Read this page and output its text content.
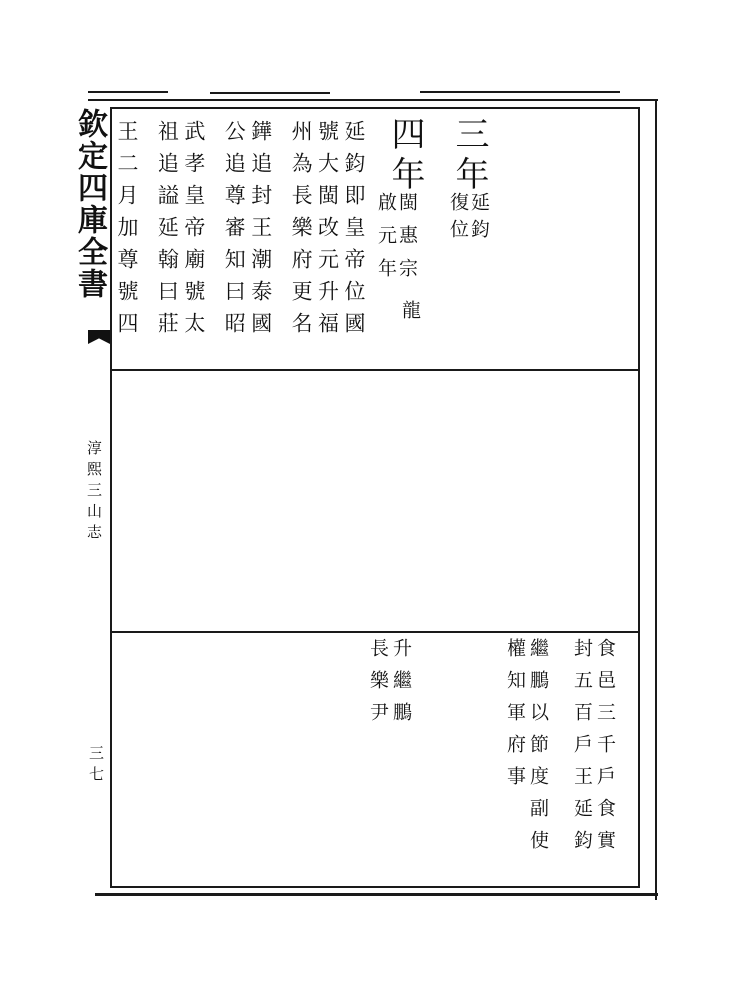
欽定四庫全書
淳熙三山志
三七
三年
延鈞
復位
四年
閩惠宗
啟元年
龍
延鈞即皇帝位國
號大閩改元升福
州為長樂府更名
鏵追封王潮泰國
公追尊審知曰昭
武孝皇帝廟號太
祖追謚延翰曰莊
王二月加尊號四
食邑三千戶食實
封五百戶王延鈞
繼鵬以節度副使
權知軍府事
升繼鵬
長樂尹
